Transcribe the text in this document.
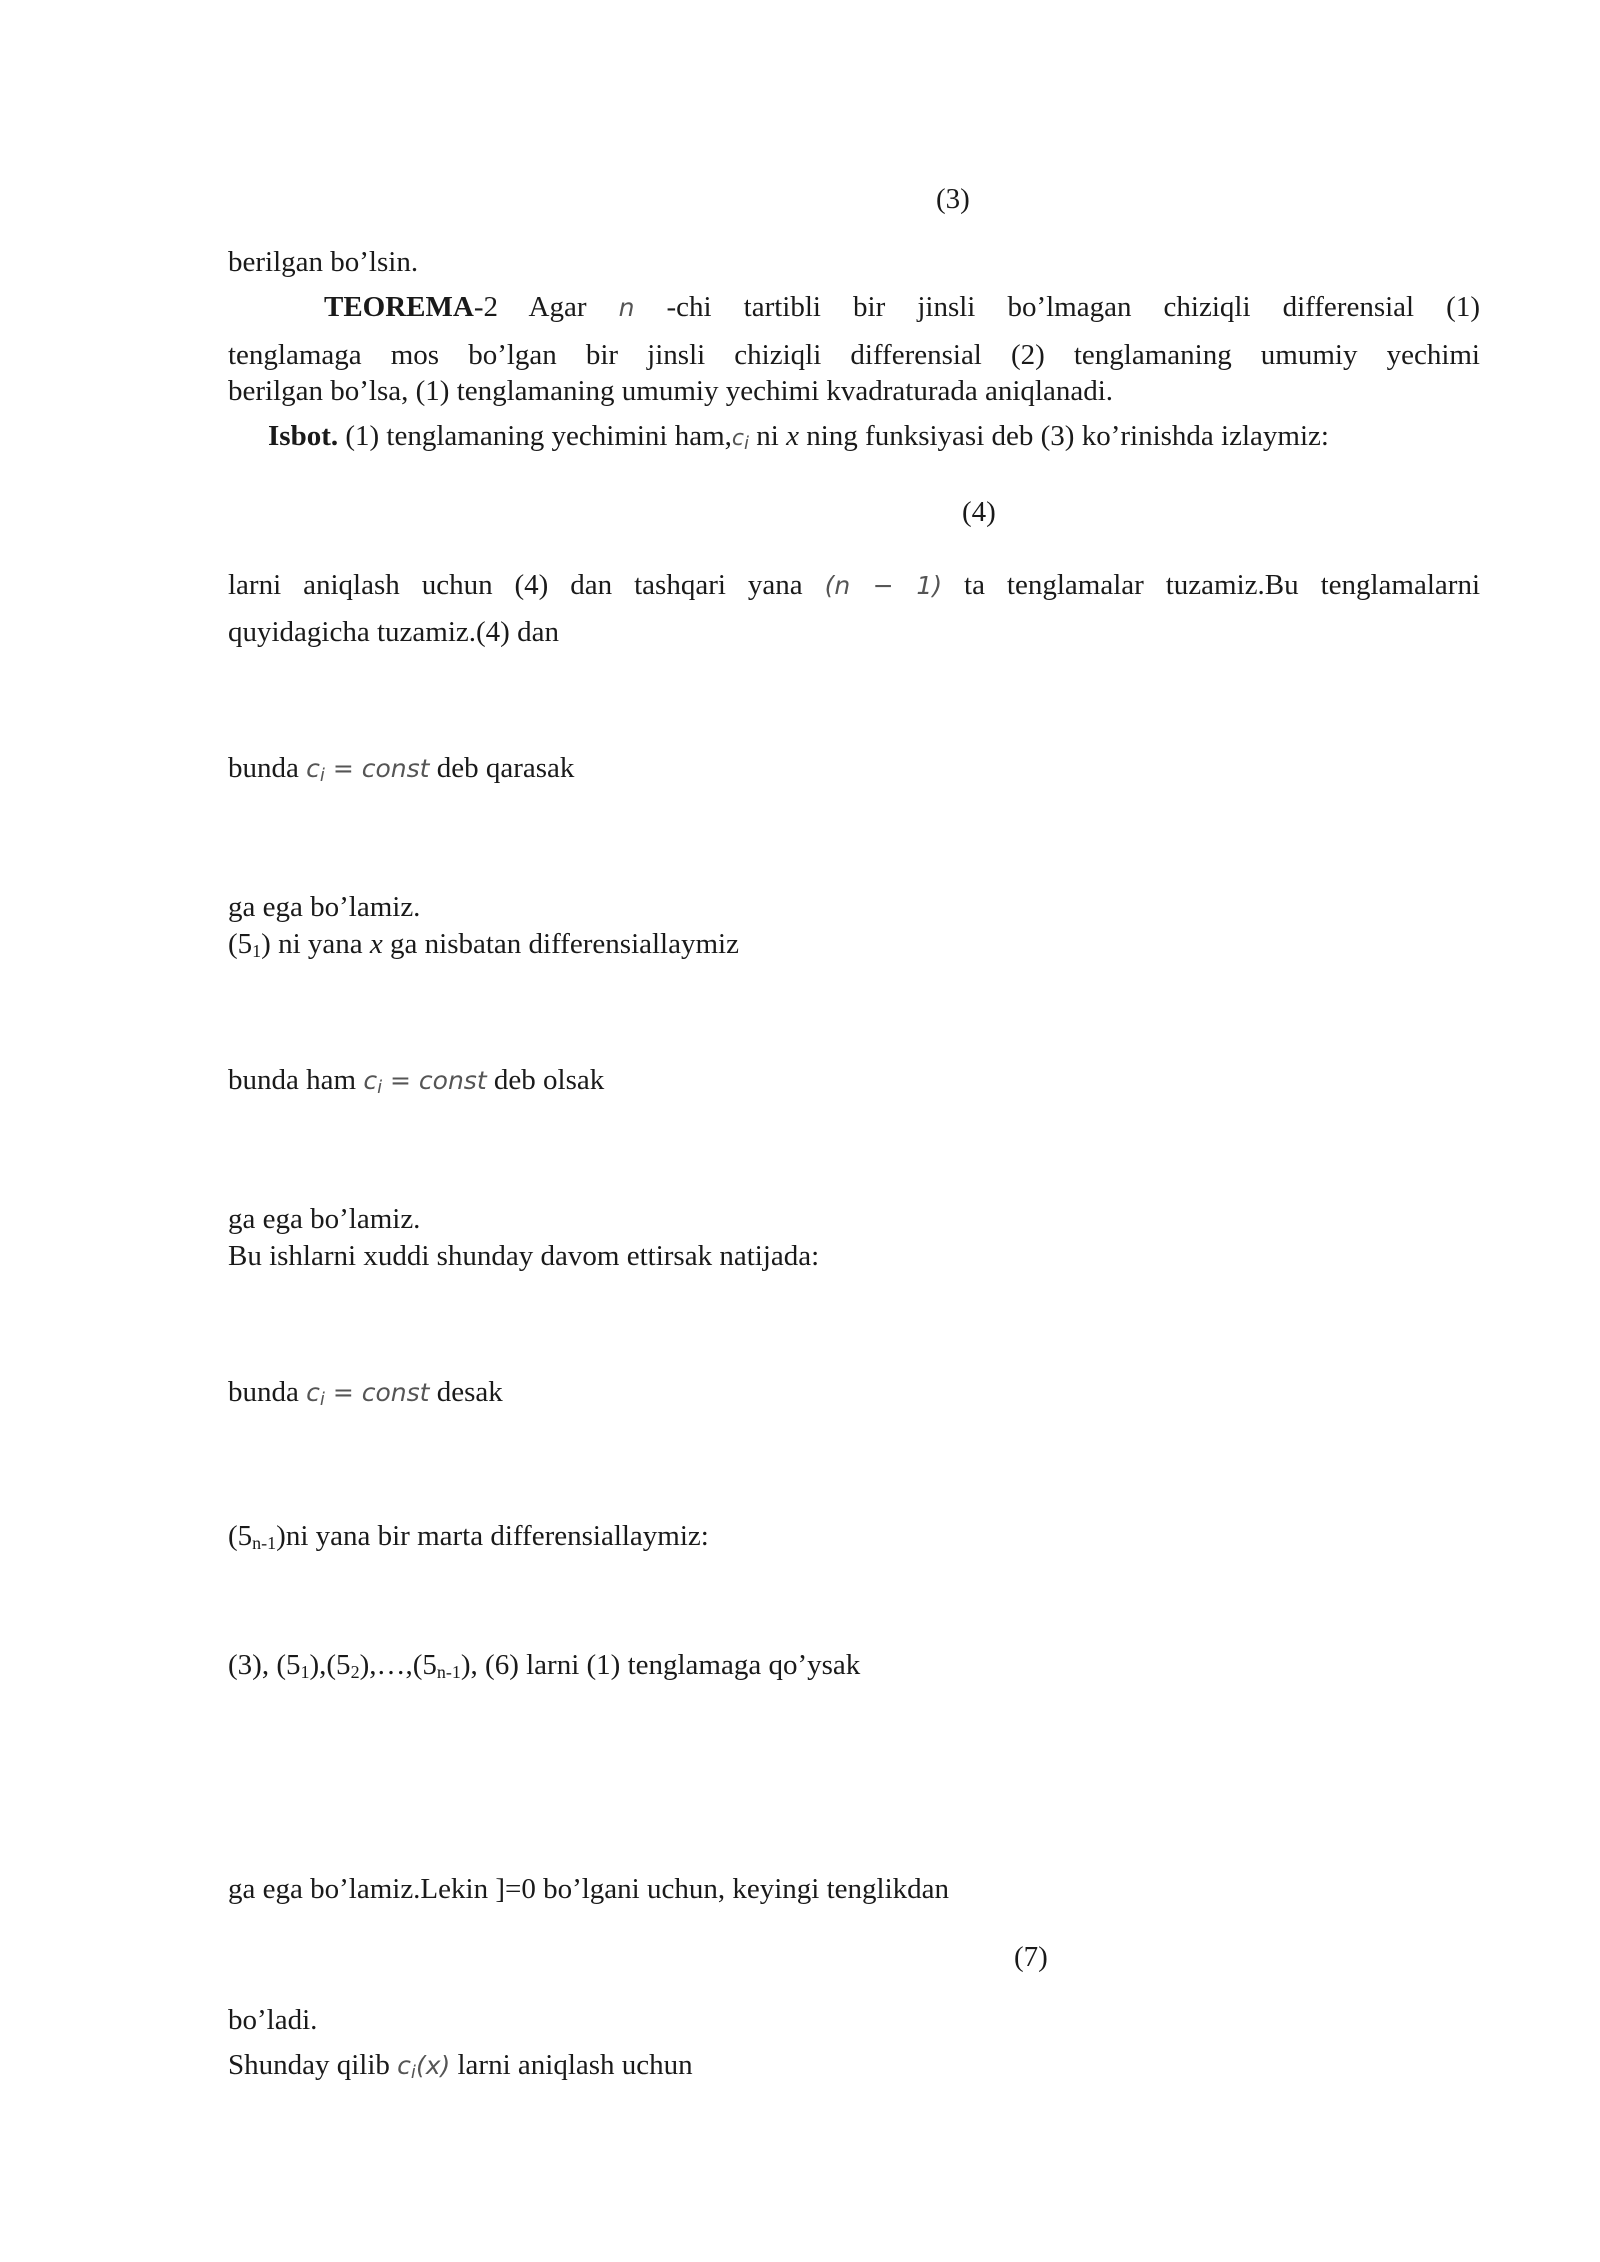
(3)
berilgan bo’lsin.
TEOREMA-2 Agar n -chi tartibli bir jinsli bo’lmagan chiziqli differensial (1)
tenglamaga mos bo’lgan bir jinsli chiziqli differensial (2) tenglamaning umumiy yechimi
berilgan bo’lsa, (1) tenglamaning umumiy yechimi kvadraturada aniqlanadi.
Isbot. (1) tenglamaning yechimini $ham,c_i$ ni x ning funksiyasi deb (3) ko’rinishda izlaymiz:
(4)
larni aniqlash uchun (4) dan tashqari yana (n − 1) ta tenglamalar tuzamiz.Bu tenglamalarni
quyidagicha tuzamiz.(4) dan
bunda $c_i$ = const deb qarasak
ga ega bo’lamiz.
$(5_1)$ ni yana x ga nisbatan differensiallaymiz
bunda ham $c_i$ = const deb olsak
ga ega bo’lamiz.
Bu ishlarni xuddi shunday davom ettirsak natijada:
bunda $c_i$ = const desak
$(5_{n-1})ni$ yana bir marta differensiallaymiz:
(3), $(5_1),(5_2),\dots,(5_{n-1})$, (6) larni (1) tenglamaga qo’ysak
ga ega bo’lamiz.Lekin ]=0 bo’lgani uchun, keyingi tenglikdan
(7)
bo’ladi.
Shunday qilib $c_i(x)$ larni aniqlash uchun
